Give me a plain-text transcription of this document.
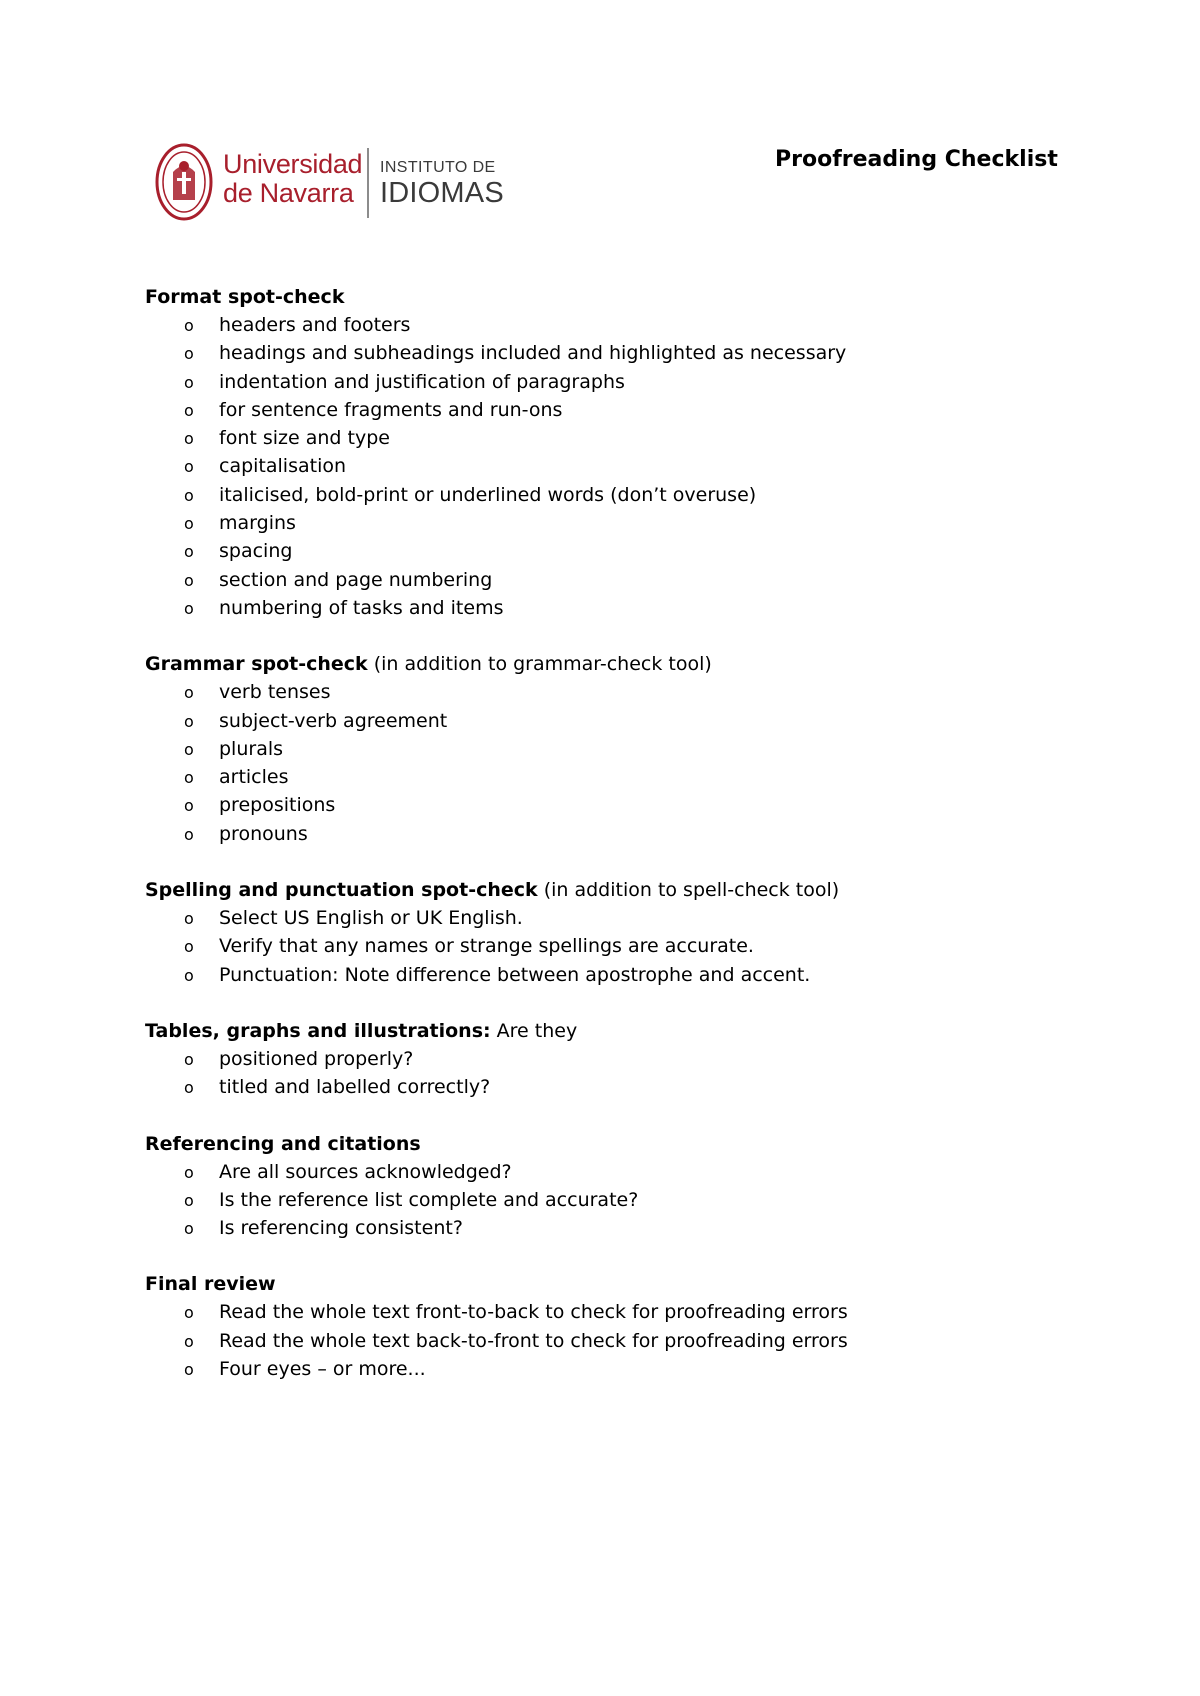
Universidad
de Navarra
INSTITUTO DE
IDIOMAS
Proofreading Checklist
Format spot-check
o headers and footers
o headings and subheadings included and highlighted as necessary
o indentation and justification of paragraphs
o for sentence fragments and run-ons
o font size and type
o capitalisation
o italicised, bold-print or underlined words (don’t overuse)
o margins
o spacing
o section and page numbering
o numbering of tasks and items
Grammar spot-check (in addition to grammar-check tool)
o verb tenses
o subject-verb agreement
o plurals
o articles
o prepositions
o pronouns
Spelling and punctuation spot-check (in addition to spell-check tool)
o Select US English or UK English.
o Verify that any names or strange spellings are accurate.
o Punctuation: Note difference between apostrophe and accent.
Tables, graphs and illustrations: Are they
o positioned properly?
o titled and labelled correctly?
Referencing and citations
o Are all sources acknowledged?
o Is the reference list complete and accurate?
o Is referencing consistent?
Final review
o Read the whole text front-to-back to check for proofreading errors
o Read the whole text back-to-front to check for proofreading errors
o Four eyes – or more...
